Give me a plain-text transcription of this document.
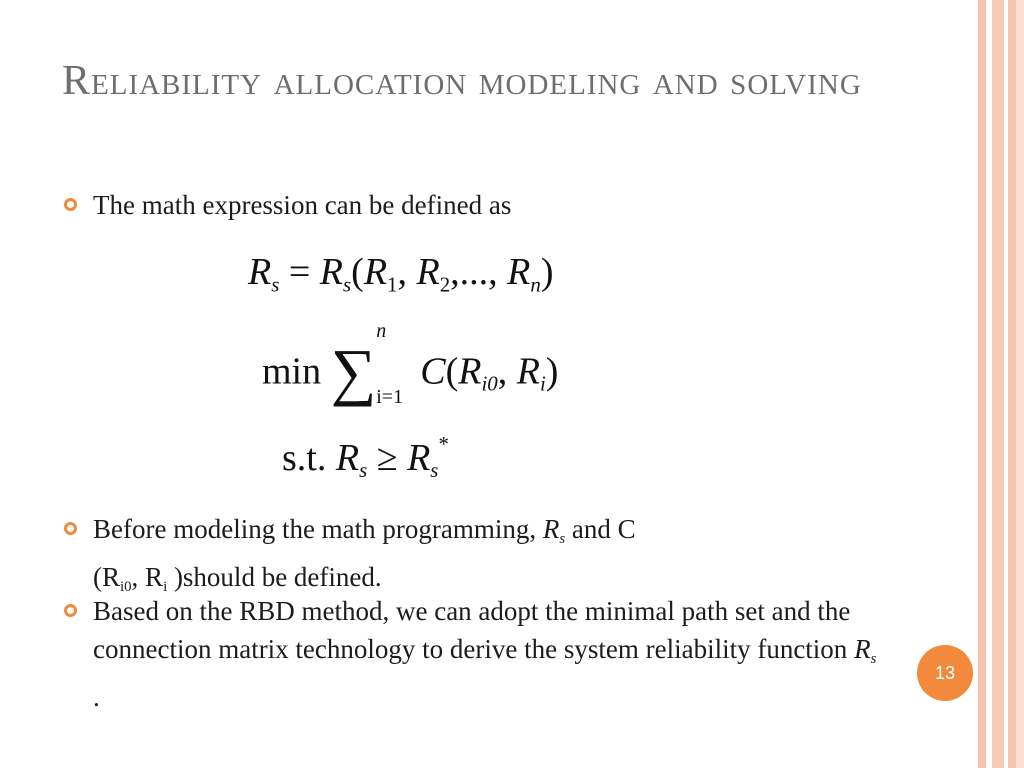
Reliability allocation modeling and solving
The math expression can be defined as
$R_s = R_s(R_1$, $R_2$,..., $R_n$)
min ∑
n
i=1
$C(R_{i0}$, $R_i$)
s.t. $R_s \ge R_s^*$
Before modeling the math programming, $R_s$ and C
($R_{i0}$, $R_i$ )should be defined.
Based on the RBD method, we can adopt the minimal path set and the connection matrix technology to derive the system reliability function $R_s$ .
13
